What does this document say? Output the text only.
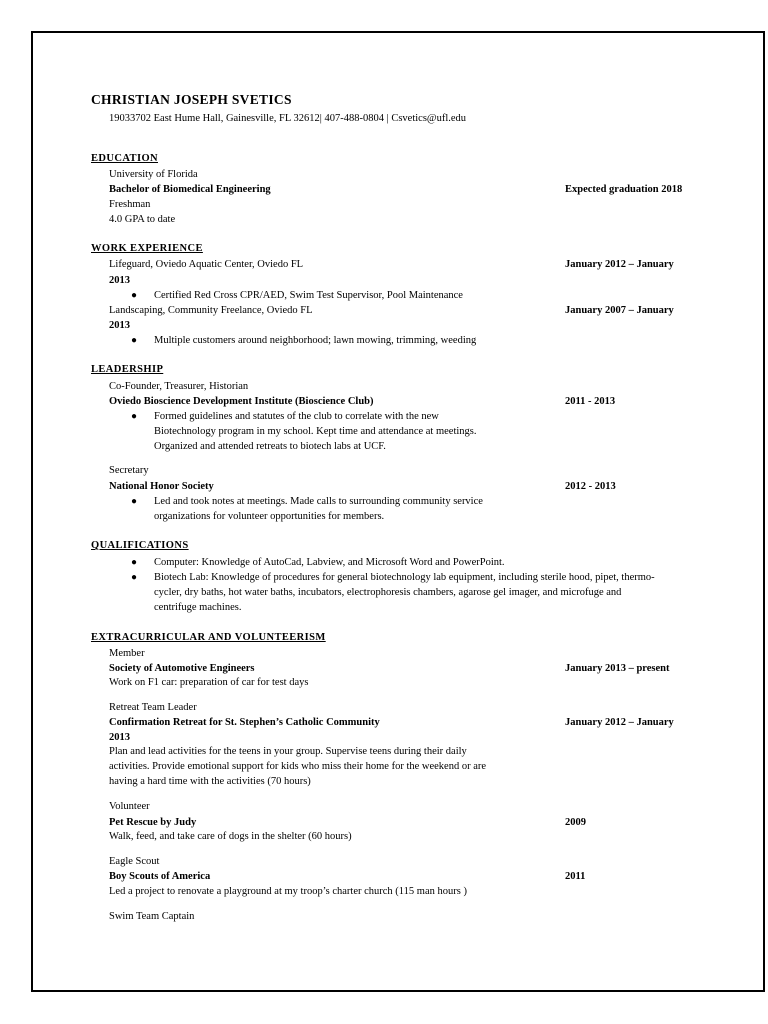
CHRISTIAN JOSEPH SVETICS
19033702 East Hume Hall, Gainesville, FL 32612| 407-488-0804 | Csvetics@ufl.edu
EDUCATION
University of Florida
Bachelor of Biomedical Engineering	Expected graduation 2018
Freshman
4.0 GPA to date
WORK EXPERIENCE
Lifeguard, Oviedo Aquatic Center, Oviedo FL	January 2012 – January
2013
● Certified Red Cross CPR/AED, Swim Test Supervisor, Pool Maintenance
Landscaping, Community Freelance, Oviedo FL	January 2007 – January
2013
● Multiple customers around neighborhood; lawn mowing, trimming, weeding
LEADERSHIP
Co-Founder, Treasurer, Historian
Oviedo Bioscience Development Institute (Bioscience Club)	2011 - 2013
● Formed guidelines and statutes of the club to correlate with the new
Biotechnology program in my school. Kept time and attendance at meetings.
Organized and attended retreats to biotech labs at UCF.
Secretary
National Honor Society	2012 - 2013
● Led and took notes at meetings. Made calls to surrounding community service
organizations for volunteer opportunities for members.
QUALIFICATIONS
● Computer: Knowledge of AutoCad, Labview, and Microsoft Word and PowerPoint.
● Biotech Lab: Knowledge of procedures for general biotechnology lab equipment, including sterile hood, pipet, thermo-
cycler, dry baths, hot water baths, incubators, electrophoresis chambers, agarose gel imager, and microfuge and
centrifuge machines.
EXTRACURRICULAR AND VOLUNTEERISM
Member
Society of Automotive Engineers	January 2013 – present
Work on F1 car: preparation of car for test days
Retreat Team Leader
Confirmation Retreat for St. Stephen’s Catholic Community	January 2012 – January
2013
Plan and lead activities for the teens in your group. Supervise teens during their daily
activities. Provide emotional support for kids who miss their home for the weekend or are
having a hard time with the activities (70 hours)
Volunteer
Pet Rescue by Judy	2009
Walk, feed, and take care of dogs in the shelter (60 hours)
Eagle Scout
Boy Scouts of America	2011
Led a project to renovate a playground at my troop’s charter church (115 man hours )
Swim Team Captain
